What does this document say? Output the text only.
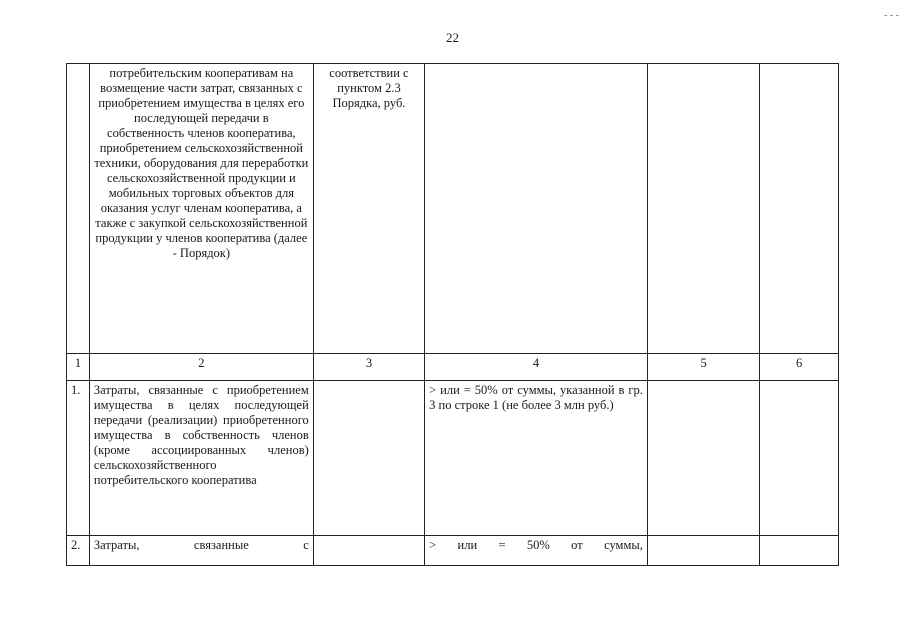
22
- - -
	потребительским кооперативам на возмещение части затрат, связанных с приобретением имущества в целях его последующей передачи в собственность членов кооператива, приобретением сельскохозяйственной техники, оборудования для переработки сельскохозяйственной продукции и мобильных торговых объектов для оказания услуг членам кооператива, а также с закупкой сельскохозяйственной продукции у членов кооператива (далее - Порядок)	соответствии с пунктом 2.3 Порядка, руб.			
1	2	3	4	5	6
1.	Затраты, связанные с приобретением имущества в целях последующей передачи (реализации) приобретенного имущества в собственность членов (кроме ассоциированных членов) сельскохозяйственного потребительского кооператива		> или = 50% от суммы, указанной в гр. 3 по строке 1 (не более 3 млн руб.)		
2.	Затраты, связанные с		> или = 50% от суммы,		
